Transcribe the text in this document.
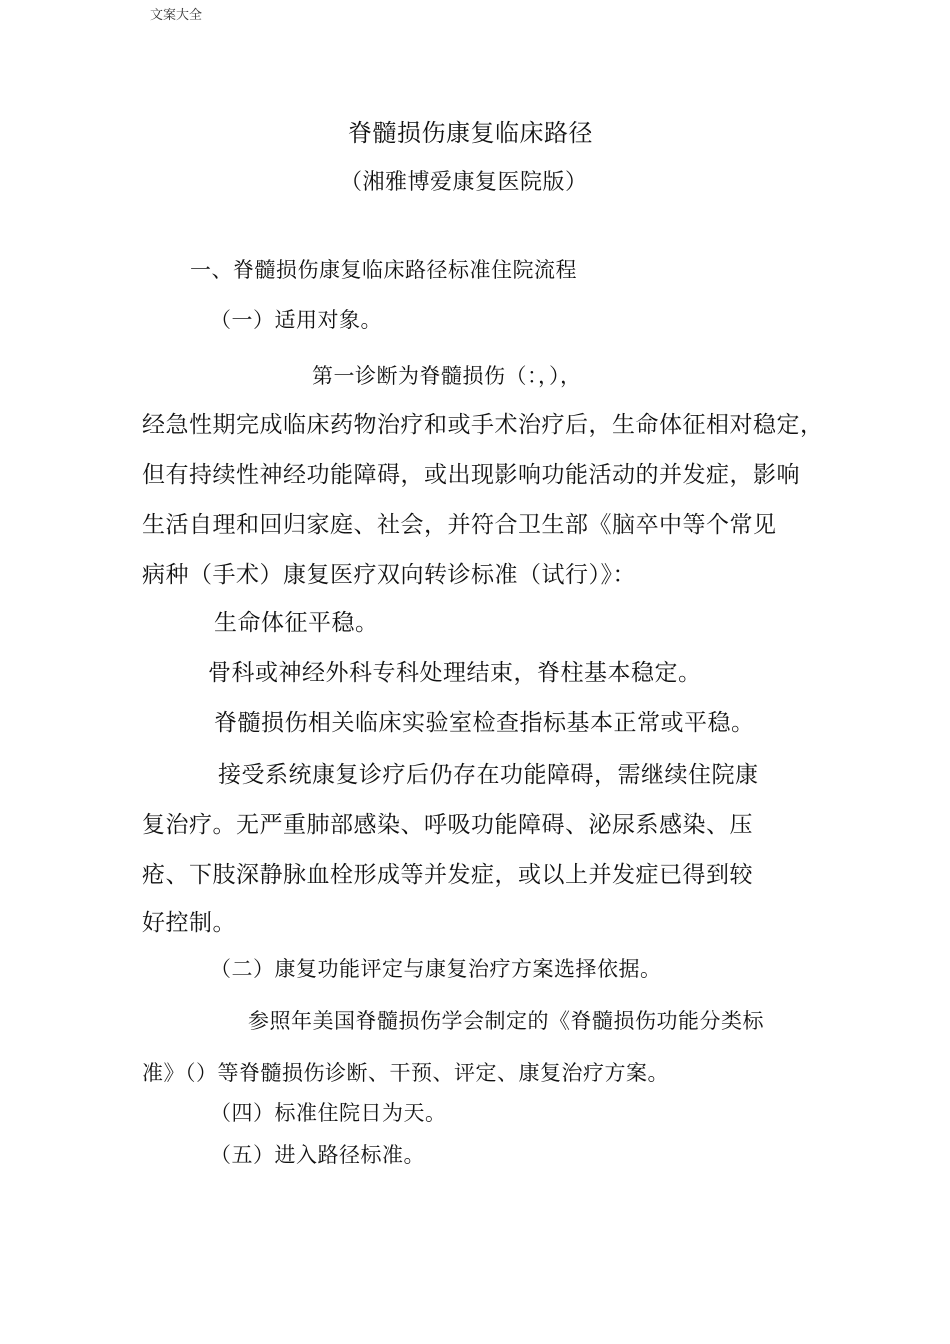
文案大全
脊髓损伤康复临床路径
（湘雅博爱康复医院版）
一、脊髓损伤康复临床路径标准住院流程
（一）适用对象。
第一诊断为脊髓损伤（：，），
经急性期完成临床药物治疗和或手术治疗后，生命体征相对稳定，
但有持续性神经功能障碍，或出现影响功能活动的并发症，影响
生活自理和回归家庭、社会，并符合卫生部《脑卒中等个常见
病种（手术）康复医疗双向转诊标准（试行）》：
生命体征平稳。
骨科或神经外科专科处理结束，脊柱基本稳定。
脊髓损伤相关临床实验室检查指标基本正常或平稳。
接受系统康复诊疗后仍存在功能障碍，需继续住院康
复治疗。无严重肺部感染、呼吸功能障碍、泌尿系感染、压
疮、下肢深静脉血栓形成等并发症，或以上并发症已得到较
好控制。
（二）康复功能评定与康复治疗方案选择依据。
参照年美国脊髓损伤学会制定的《脊髓损伤功能分类标
准》（）等脊髓损伤诊断、干预、评定、康复治疗方案。
（四）标准住院日为天。
（五）进入路径标准。
